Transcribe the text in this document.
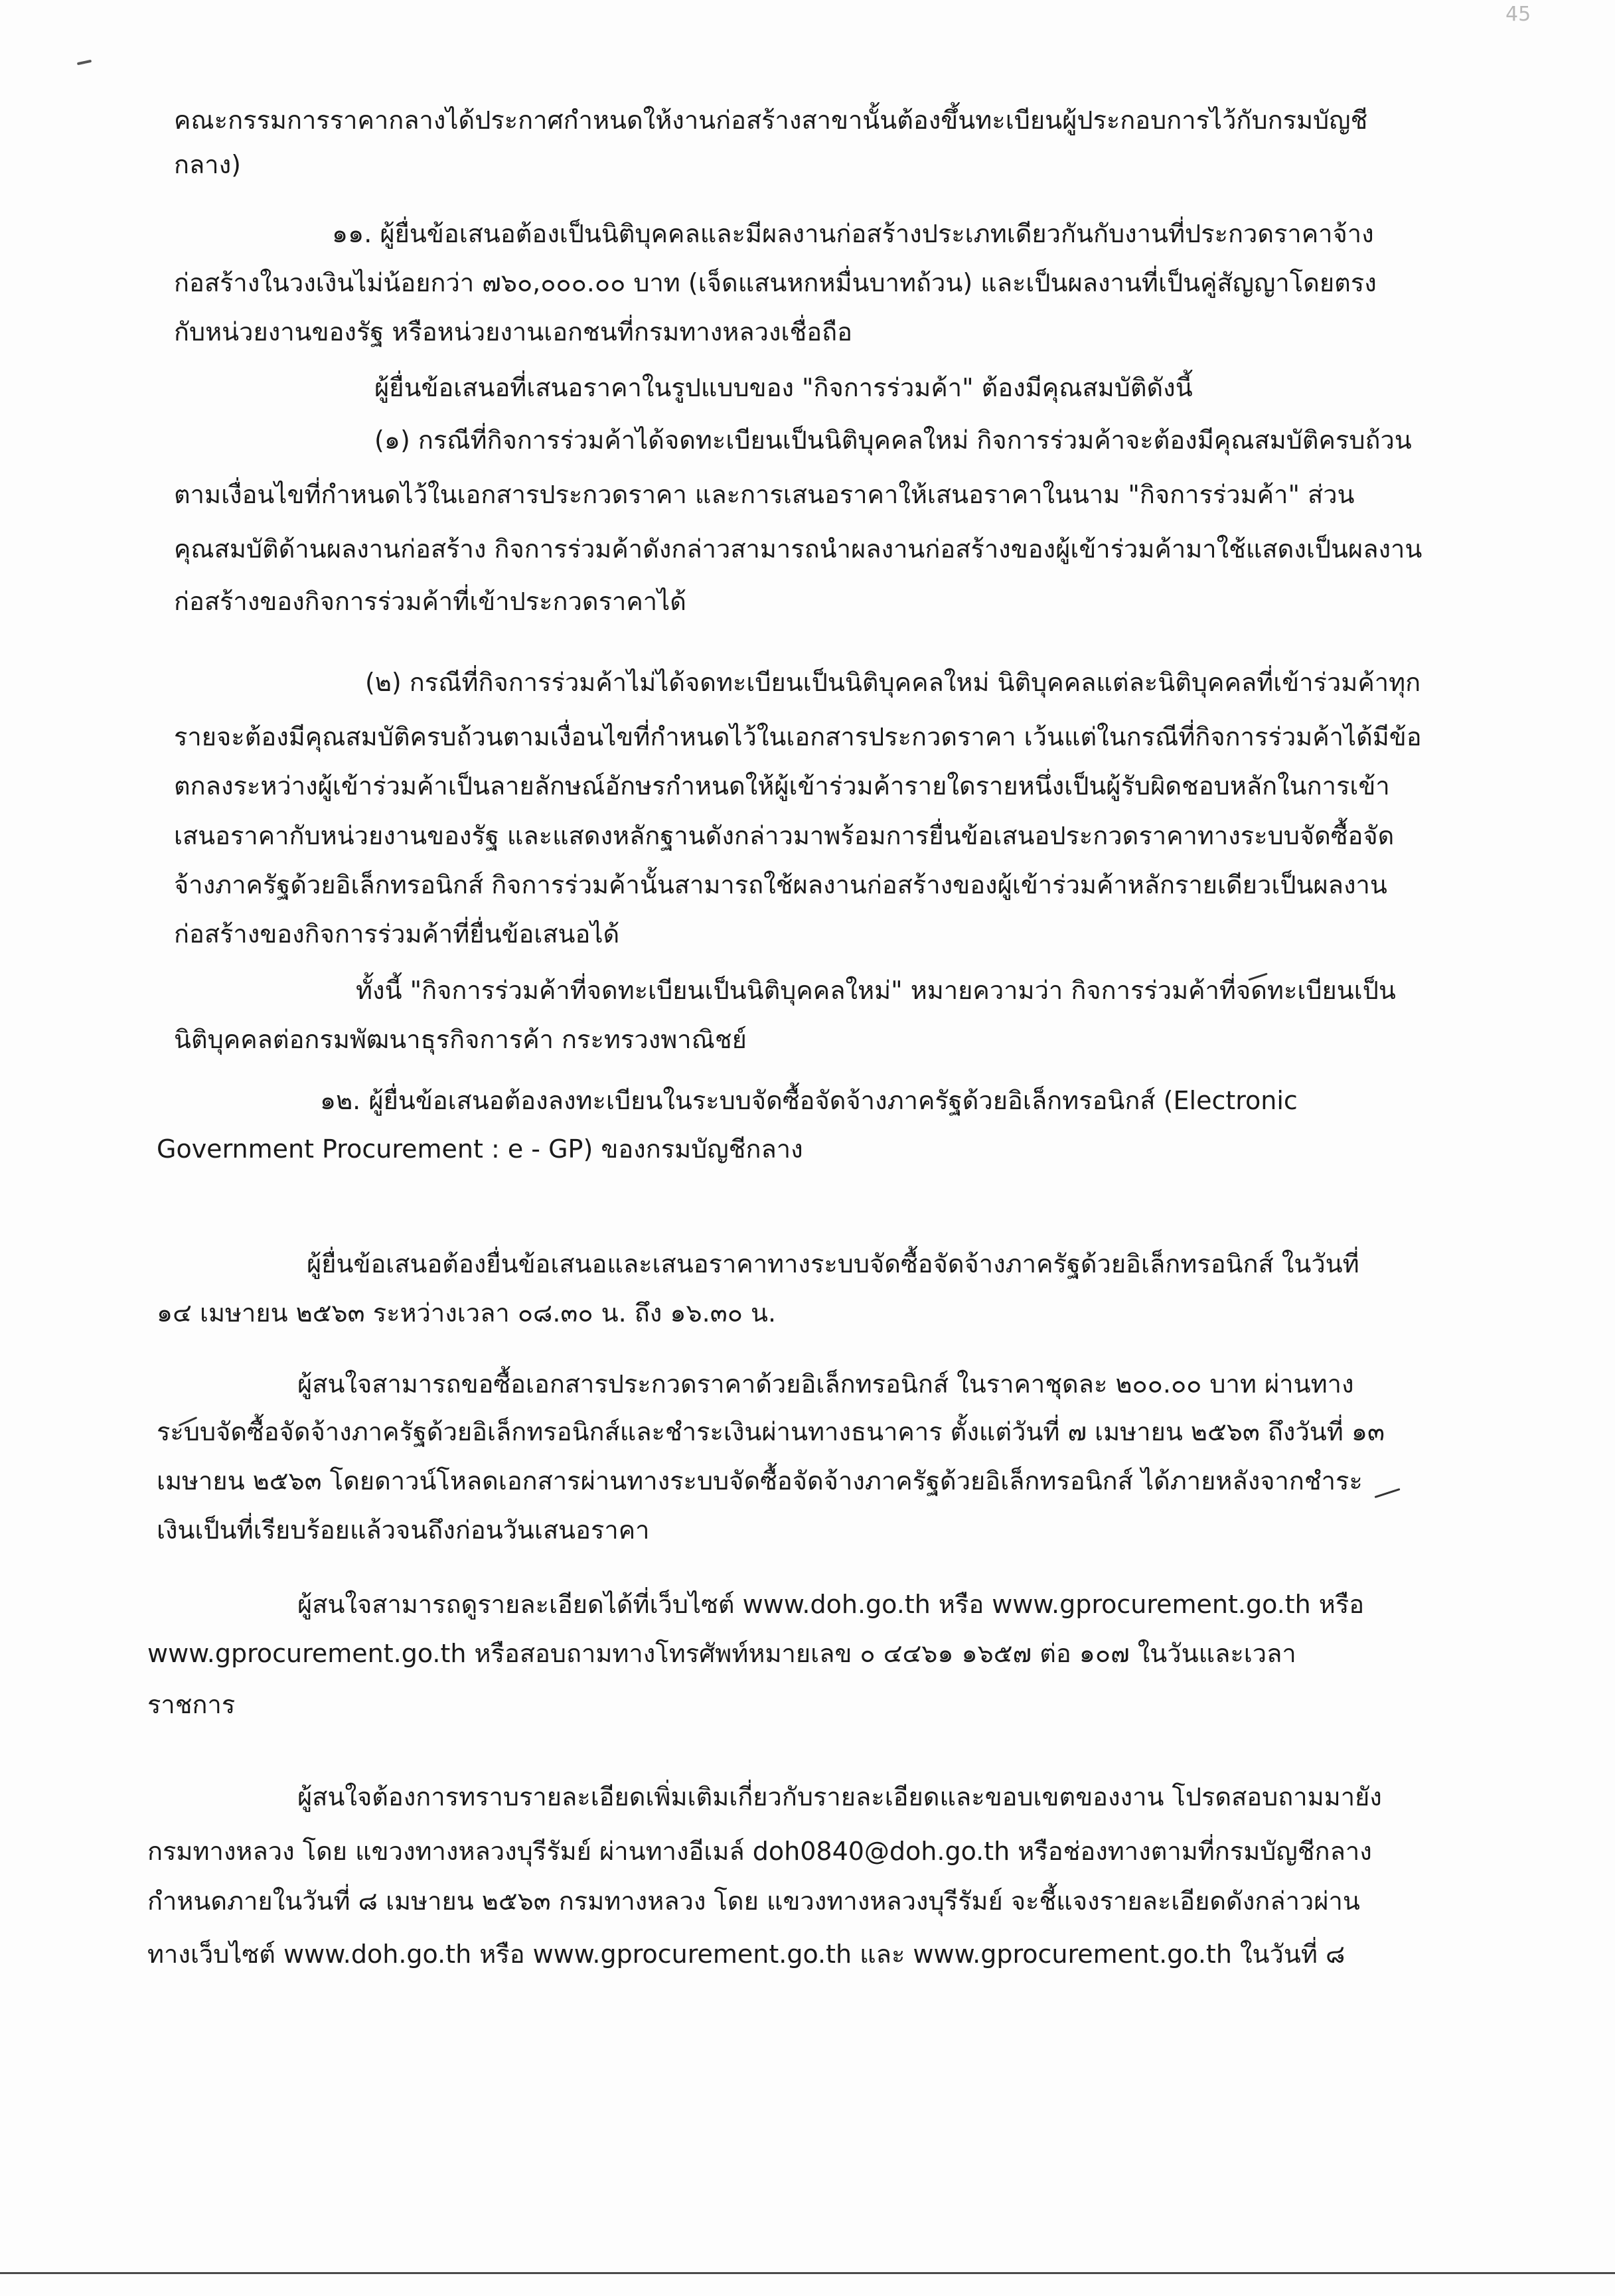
45

คณะกรรมการราคากลางได้ประกาศกำหนดให้งานก่อสร้างสาขานั้นต้องขึ้นทะเบียนผู้ประกอบการไว้กับกรมบัญชี

กลาง)

๑๑. ผู้ยื่นข้อเสนอต้องเป็นนิติบุคคลและมีผลงานก่อสร้างประเภทเดียวกันกับงานที่ประกวดราคาจ้าง

ก่อสร้างในวงเงินไม่น้อยกว่า ๗๖๐,๐๐๐.๐๐ บาท (เจ็ดแสนหกหมื่นบาทถ้วน) และเป็นผลงานที่เป็นคู่สัญญาโดยตรง

กับหน่วยงานของรัฐ หรือหน่วยงานเอกชนที่กรมทางหลวงเชื่อถือ

ผู้ยื่นข้อเสนอที่เสนอราคาในรูปแบบของ "กิจการร่วมค้า" ต้องมีคุณสมบัติดังนี้

(๑) กรณีที่กิจการร่วมค้าได้จดทะเบียนเป็นนิติบุคคลใหม่ กิจการร่วมค้าจะต้องมีคุณสมบัติครบถ้วน

ตามเงื่อนไขที่กำหนดไว้ในเอกสารประกวดราคา และการเสนอราคาให้เสนอราคาในนาม "กิจการร่วมค้า" ส่วน

คุณสมบัติด้านผลงานก่อสร้าง กิจการร่วมค้าดังกล่าวสามารถนำผลงานก่อสร้างของผู้เข้าร่วมค้ามาใช้แสดงเป็นผลงาน

ก่อสร้างของกิจการร่วมค้าที่เข้าประกวดราคาได้

(๒) กรณีที่กิจการร่วมค้าไม่ได้จดทะเบียนเป็นนิติบุคคลใหม่ นิติบุคคลแต่ละนิติบุคคลที่เข้าร่วมค้าทุก

รายจะต้องมีคุณสมบัติครบถ้วนตามเงื่อนไขที่กำหนดไว้ในเอกสารประกวดราคา เว้นแต่ในกรณีที่กิจการร่วมค้าได้มีข้อ

ตกลงระหว่างผู้เข้าร่วมค้าเป็นลายลักษณ์อักษรกำหนดให้ผู้เข้าร่วมค้ารายใดรายหนึ่งเป็นผู้รับผิดชอบหลักในการเข้า

เสนอราคากับหน่วยงานของรัฐ และแสดงหลักฐานดังกล่าวมาพร้อมการยื่นข้อเสนอประกวดราคาทางระบบจัดซื้อจัด

จ้างภาครัฐด้วยอิเล็กทรอนิกส์ กิจการร่วมค้านั้นสามารถใช้ผลงานก่อสร้างของผู้เข้าร่วมค้าหลักรายเดียวเป็นผลงาน

ก่อสร้างของกิจการร่วมค้าที่ยื่นข้อเสนอได้

ทั้งนี้ "กิจการร่วมค้าที่จดทะเบียนเป็นนิติบุคคลใหม่" หมายความว่า กิจการร่วมค้าที่จดทะเบียนเป็น

นิติบุคคลต่อกรมพัฒนาธุรกิจการค้า กระทรวงพาณิชย์

๑๒. ผู้ยื่นข้อเสนอต้องลงทะเบียนในระบบจัดซื้อจัดจ้างภาครัฐด้วยอิเล็กทรอนิกส์ (Electronic

Government Procurement : e - GP) ของกรมบัญชีกลาง

ผู้ยื่นข้อเสนอต้องยื่นข้อเสนอและเสนอราคาทางระบบจัดซื้อจัดจ้างภาครัฐด้วยอิเล็กทรอนิกส์ ในวันที่

๑๔ เมษายน ๒๕๖๓ ระหว่างเวลา ๐๘.๓๐ น. ถึง ๑๖.๓๐ น.

ผู้สนใจสามารถขอซื้อเอกสารประกวดราคาด้วยอิเล็กทรอนิกส์ ในราคาชุดละ ๒๐๐.๐๐ บาท ผ่านทาง

ระบบจัดซื้อจัดจ้างภาครัฐด้วยอิเล็กทรอนิกส์และชำระเงินผ่านทางธนาคาร ตั้งแต่วันที่ ๗ เมษายน ๒๕๖๓ ถึงวันที่ ๑๓

เมษายน ๒๕๖๓ โดยดาวน์โหลดเอกสารผ่านทางระบบจัดซื้อจัดจ้างภาครัฐด้วยอิเล็กทรอนิกส์ ได้ภายหลังจากชำระ

เงินเป็นที่เรียบร้อยแล้วจนถึงก่อนวันเสนอราคา

ผู้สนใจสามารถดูรายละเอียดได้ที่เว็บไซต์ www.doh.go.th หรือ www.gprocurement.go.th หรือ

www.gprocurement.go.th หรือสอบถามทางโทรศัพท์หมายเลข ๐ ๔๔๖๑ ๑๖๕๗ ต่อ ๑๐๗ ในวันและเวลา

ราชการ

ผู้สนใจต้องการทราบรายละเอียดเพิ่มเติมเกี่ยวกับรายละเอียดและขอบเขตของงาน โปรดสอบถามมายัง

กรมทางหลวง โดย แขวงทางหลวงบุรีรัมย์ ผ่านทางอีเมล์ doh0840@doh.go.th หรือช่องทางตามที่กรมบัญชีกลาง

กำหนดภายในวันที่ ๘ เมษายน ๒๕๖๓ กรมทางหลวง โดย แขวงทางหลวงบุรีรัมย์ จะชี้แจงรายละเอียดดังกล่าวผ่าน

ทางเว็บไซต์ www.doh.go.th หรือ www.gprocurement.go.th และ www.gprocurement.go.th ในวันที่ ๘
